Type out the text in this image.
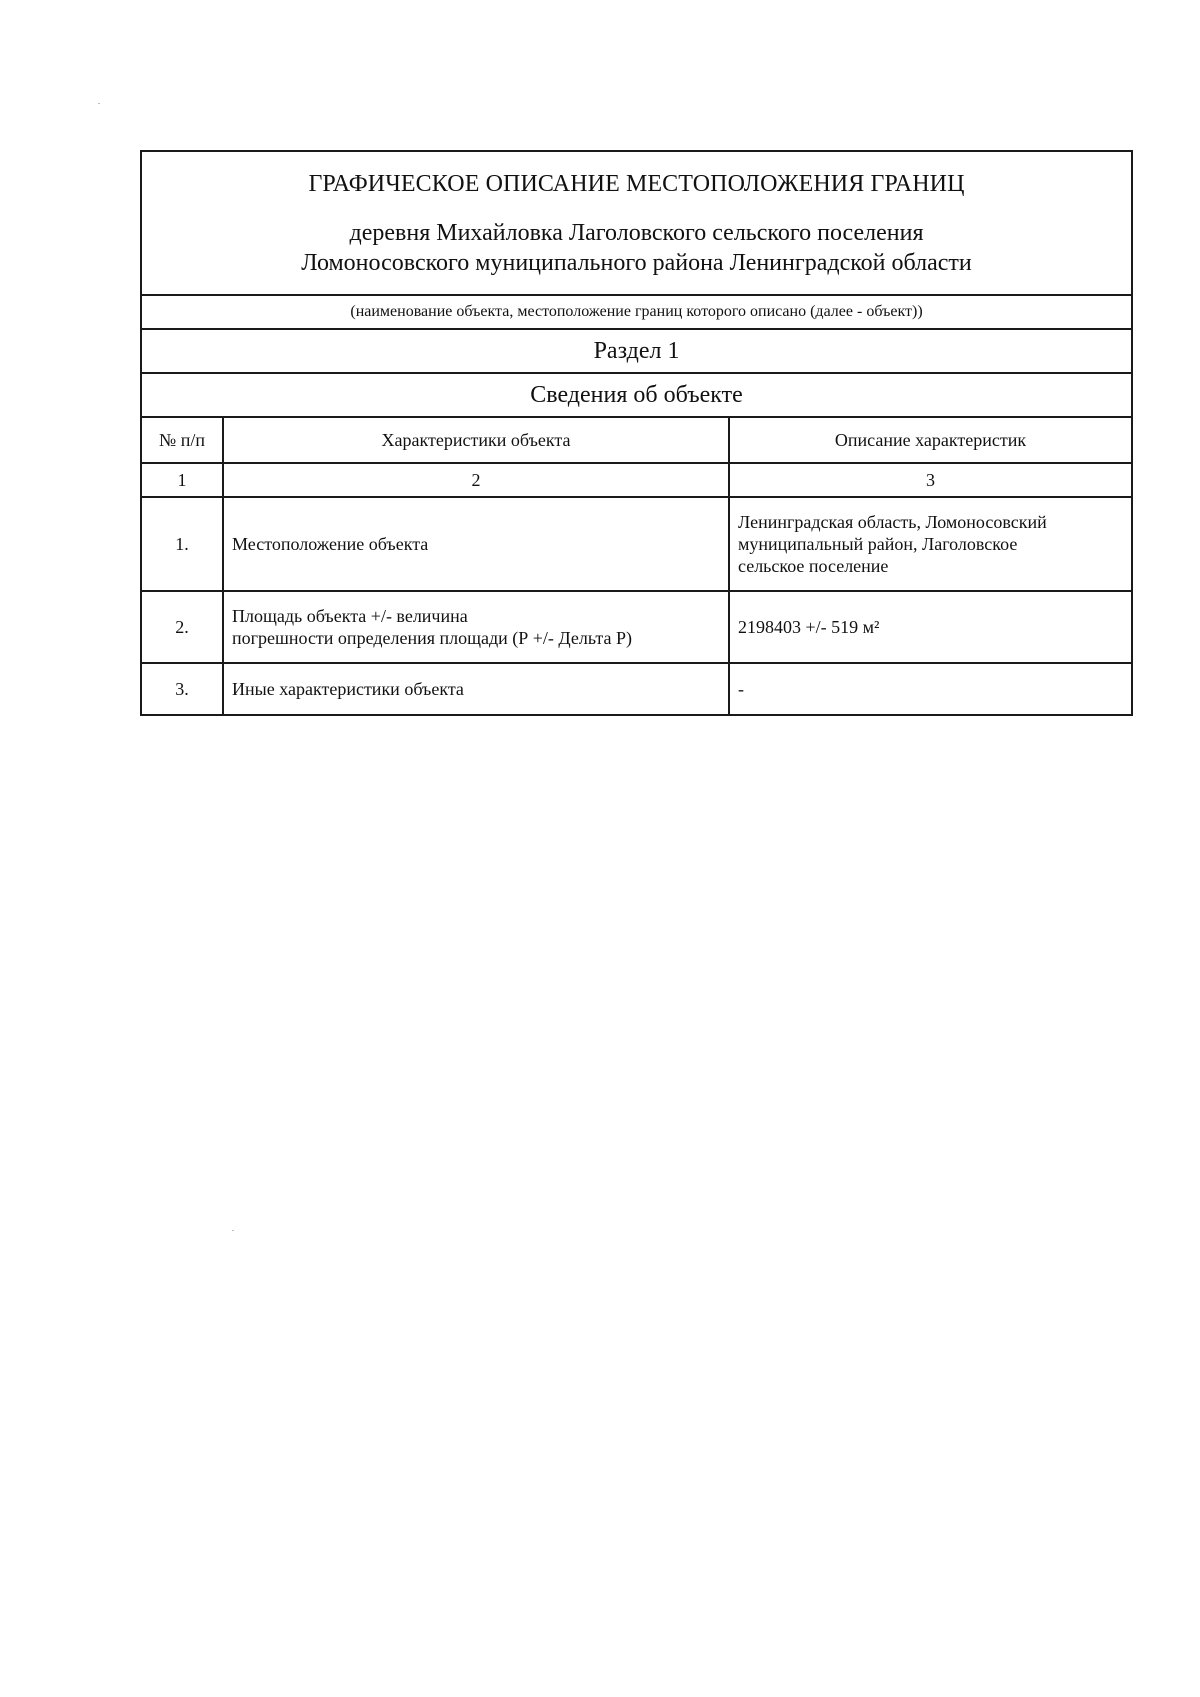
ГРАФИЧЕСКОЕ ОПИСАНИЕ МЕСТОПОЛОЖЕНИЯ ГРАНИЦ
деревня Михайловка Лаголовского сельского поселения
Ломоносовского муниципального района Ленинградской области		

(наименование объекта, местоположение границ которого описано (далее - объект))		
Раздел 1		
Сведения об объекте		
№ п/п	Характеристики объекта	Описание характеристик
1	2	3
1.	Местоположение объекта	Ленинградская область, Ломоносовский
муниципальный район, Лаголовское
сельское поселение

2.	Площадь объекта +/- величина
погрешности определения площади (Р +/- Дельта Р)	2198403 +/- 519 м²

3.	Иные характеристики объекта	-
